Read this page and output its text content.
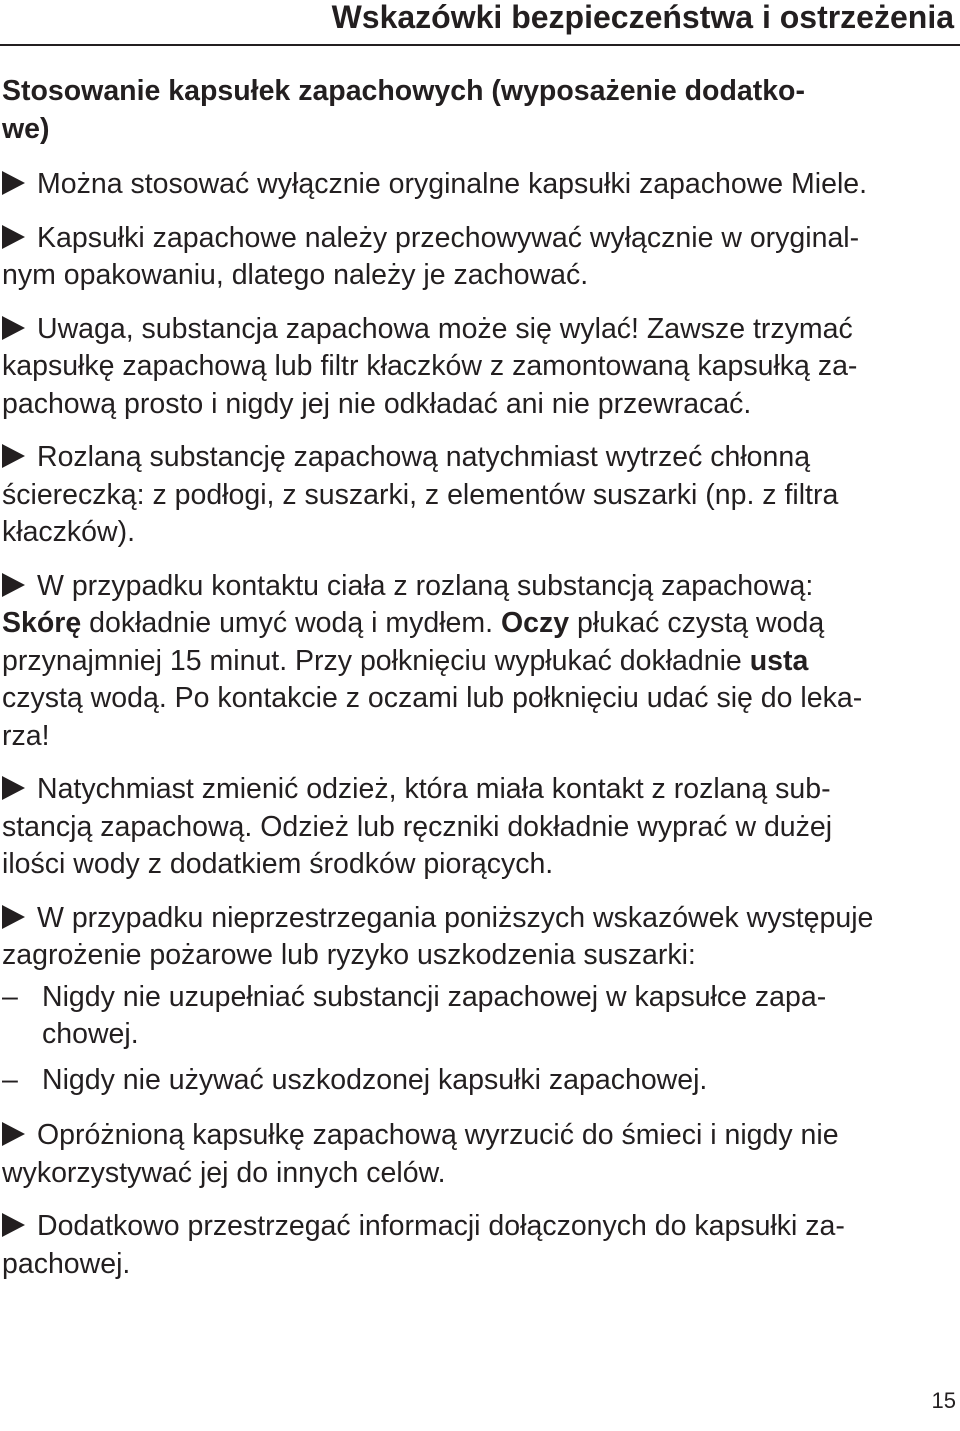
Wskazówki bezpieczeństwa i ostrzeżenia
Stosowanie kapsułek zapachowych (wyposażenie dodatko-
we)
Można stosować wyłącznie oryginalne kapsułki zapachowe Miele.
Kapsułki zapachowe należy przechowywać wyłącznie w oryginal-
nym opakowaniu, dlatego należy je zachować.
Uwaga, substancja zapachowa może się wylać! Zawsze trzymać
kapsułkę zapachową lub filtr kłaczków z zamontowaną kapsułką za-
pachową prosto i nigdy jej nie odkładać ani nie przewracać.
Rozlaną substancję zapachową natychmiast wytrzeć chłonną
ściereczką: z podłogi, z suszarki, z elementów suszarki (np. z filtra
kłaczków).
W przypadku kontaktu ciała z rozlaną substancją zapachową:
Skórę dokładnie umyć wodą i mydłem. Oczy płukać czystą wodą
przynajmniej 15 minut. Przy połknięciu wypłukać dokładnie usta
czystą wodą. Po kontakcie z oczami lub połknięciu udać się do leka-
rza!
Natychmiast zmienić odzież, która miała kontakt z rozlaną sub-
stancją zapachową. Odzież lub ręczniki dokładnie wyprać w dużej
ilości wody z dodatkiem środków piorących.
W przypadku nieprzestrzegania poniższych wskazówek występuje
zagrożenie pożarowe lub ryzyko uszkodzenia suszarki:
– Nigdy nie uzupełniać substancji zapachowej w kapsułce zapa-
chowej.
– Nigdy nie używać uszkodzonej kapsułki zapachowej.
Opróżnioną kapsułkę zapachową wyrzucić do śmieci i nigdy nie
wykorzystywać jej do innych celów.
Dodatkowo przestrzegać informacji dołączonych do kapsułki za-
pachowej.
15
